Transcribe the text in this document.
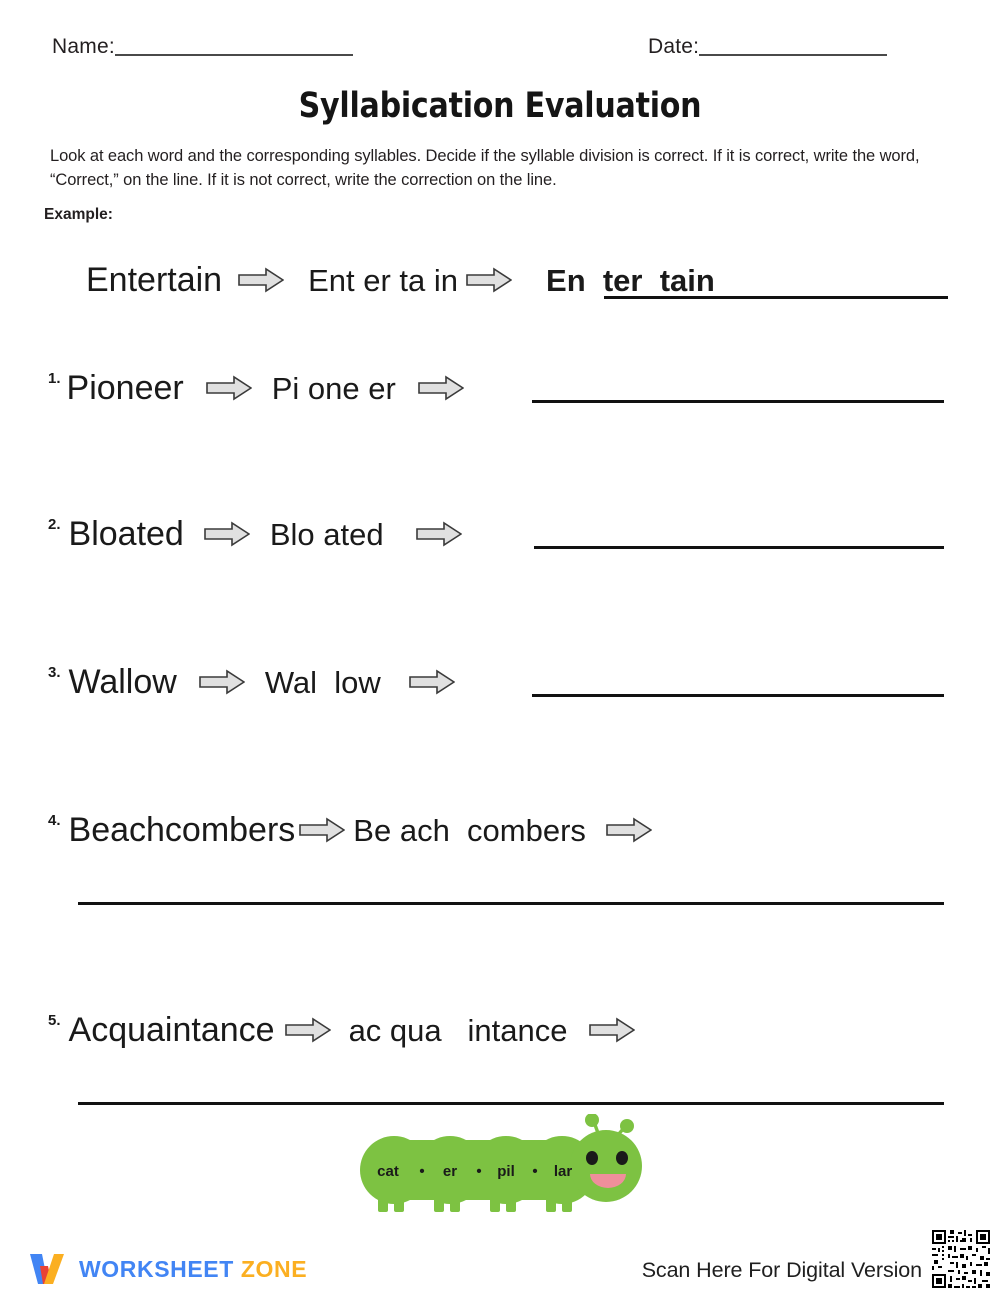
Name:	Date:
Syllabication Evaluation
Look at each word and the corresponding syllables. Decide if the syllable division is correct. If it is correct, write the word, “Correct,” on the line. If it is not correct, write the correction on the line.
Example:
Entertain	Ent er ta in	En  ter  tain
1. Pioneer	Pi one er
2. Bloated	Blo ated
3. Wallow	Wal  low
4. Beachcombers Be ach  combers
5. Acquaintance ac qua   intance
cat • er • pil • lar
WORKSHEET ZONE	Scan Here For Digital Version
